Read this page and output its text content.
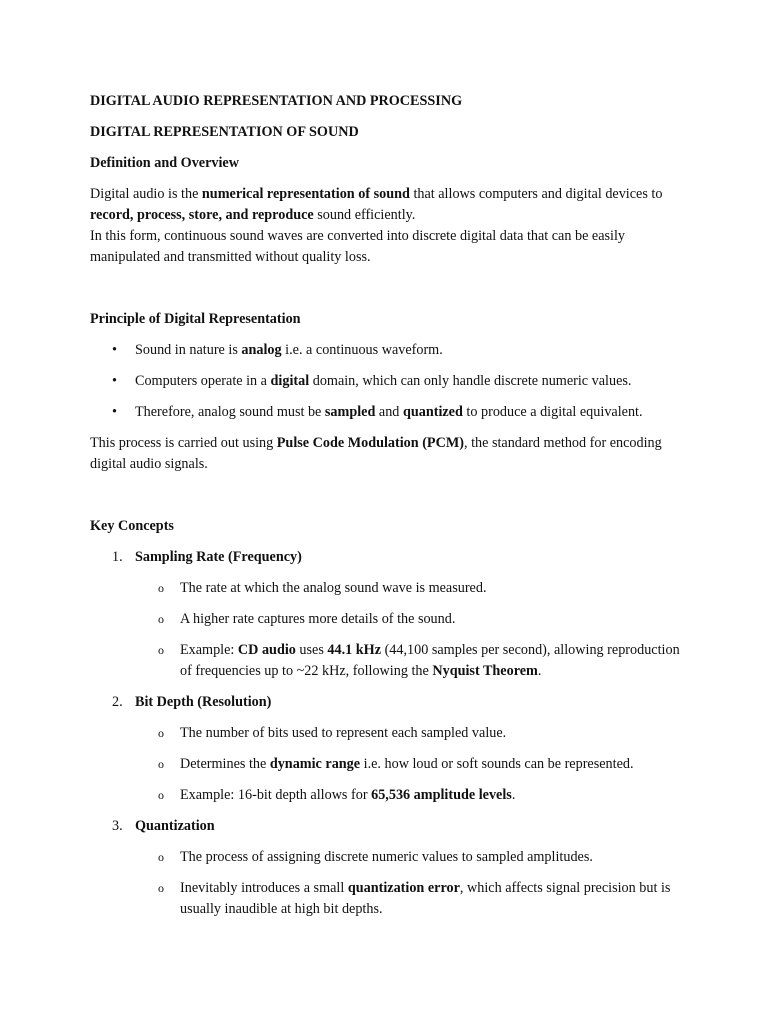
DIGITAL AUDIO REPRESENTATION AND PROCESSING

DIGITAL REPRESENTATION OF SOUND

Definition and Overview

Digital audio is the numerical representation of sound that allows computers and digital devices to record, process, store, and reproduce sound efficiently.

In this form, continuous sound waves are converted into discrete digital data that can be easily manipulated and transmitted without quality loss.

Principle of Digital Representation

• Sound in nature is analog i.e. a continuous waveform.
• Computers operate in a digital domain, which can only handle discrete numeric values.
• Therefore, analog sound must be sampled and quantized to produce a digital equivalent.

This process is carried out using Pulse Code Modulation (PCM), the standard method for encoding digital audio signals.

Key Concepts

1. Sampling Rate (Frequency)
o The rate at which the analog sound wave is measured.
o A higher rate captures more details of the sound.
o Example: CD audio uses 44.1 kHz (44,100 samples per second), allowing reproduction of frequencies up to ~22 kHz, following the Nyquist Theorem.
2. Bit Depth (Resolution)
o The number of bits used to represent each sampled value.
o Determines the dynamic range i.e. how loud or soft sounds can be represented.
o Example: 16-bit depth allows for 65,536 amplitude levels.
3. Quantization
o The process of assigning discrete numeric values to sampled amplitudes.
o Inevitably introduces a small quantization error, which affects signal precision but is usually inaudible at high bit depths.
